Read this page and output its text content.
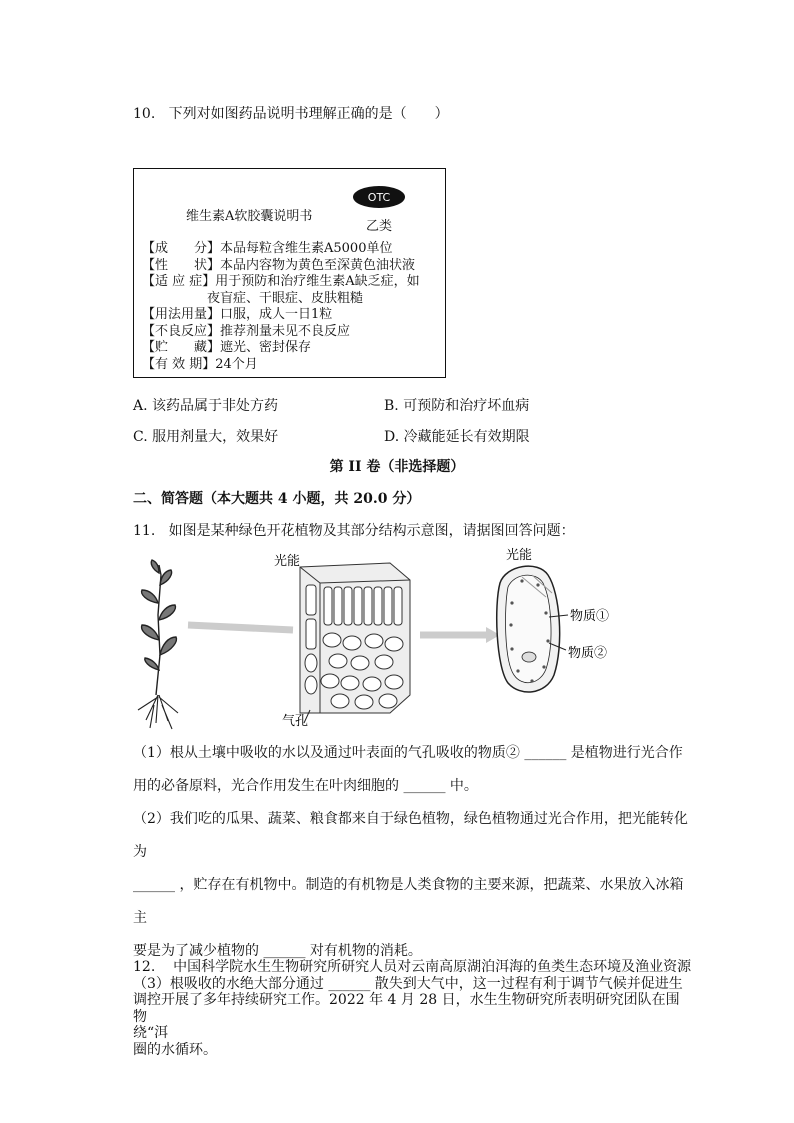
10. 下列对如图药品说明书理解正确的是（　　）
维生素A软胶囊说明书
OTC
乙类
【成　　分】本品每粒含维生素A5000单位
【性　　状】本品内容物为黄色至深黄色油状液
【适 应 症】用于预防和治疗维生素A缺乏症，如
　　　　　夜盲症、干眼症、皮肤粗糙
【用法用量】口服，成人一日1粒
【不良反应】推荐剂量未见不良反应
【贮　　藏】遮光、密封保存
【有 效 期】24个月
A. 该药品属于非处方药	B. 可预防和治疗坏血病
C. 服用剂量大，效果好	D. 冷藏能延长有效期限
第 II 卷（非选择题）
二、简答题（本大题共 4 小题，共 20.0 分）
11. 如图是某种绿色开花植物及其部分结构示意图，请据图回答问题：
气孔
光能	光能
物质①
物质②
（1）根从土壤中吸收的水以及通过叶表面的气孔吸收的物质② ______ 是植物进行光合作
用的必备原料，光合作用发生在叶肉细胞的 ______ 中。
（2）我们吃的瓜果、蔬菜、粮食都来自于绿色植物，绿色植物通过光合作用，把光能转化为
______ ，贮存在有机物中。制造的有机物是人类食物的主要来源，把蔬菜、水果放入冰箱主
要是为了减少植物的 ______ 对有机物的消耗。
（3）根吸收的水绝大部分通过 ______ 散失到大气中，这一过程有利于调节气候并促进生物
圈的水循环。
12. 中国科学院水生生物研究所研究人员对云南高原湖泊洱海的鱼类生态环境及渔业资源
调控开展了多年持续研究工作。2022 年 4 月 28 日，水生生物研究所表明研究团队在围绕“洱
